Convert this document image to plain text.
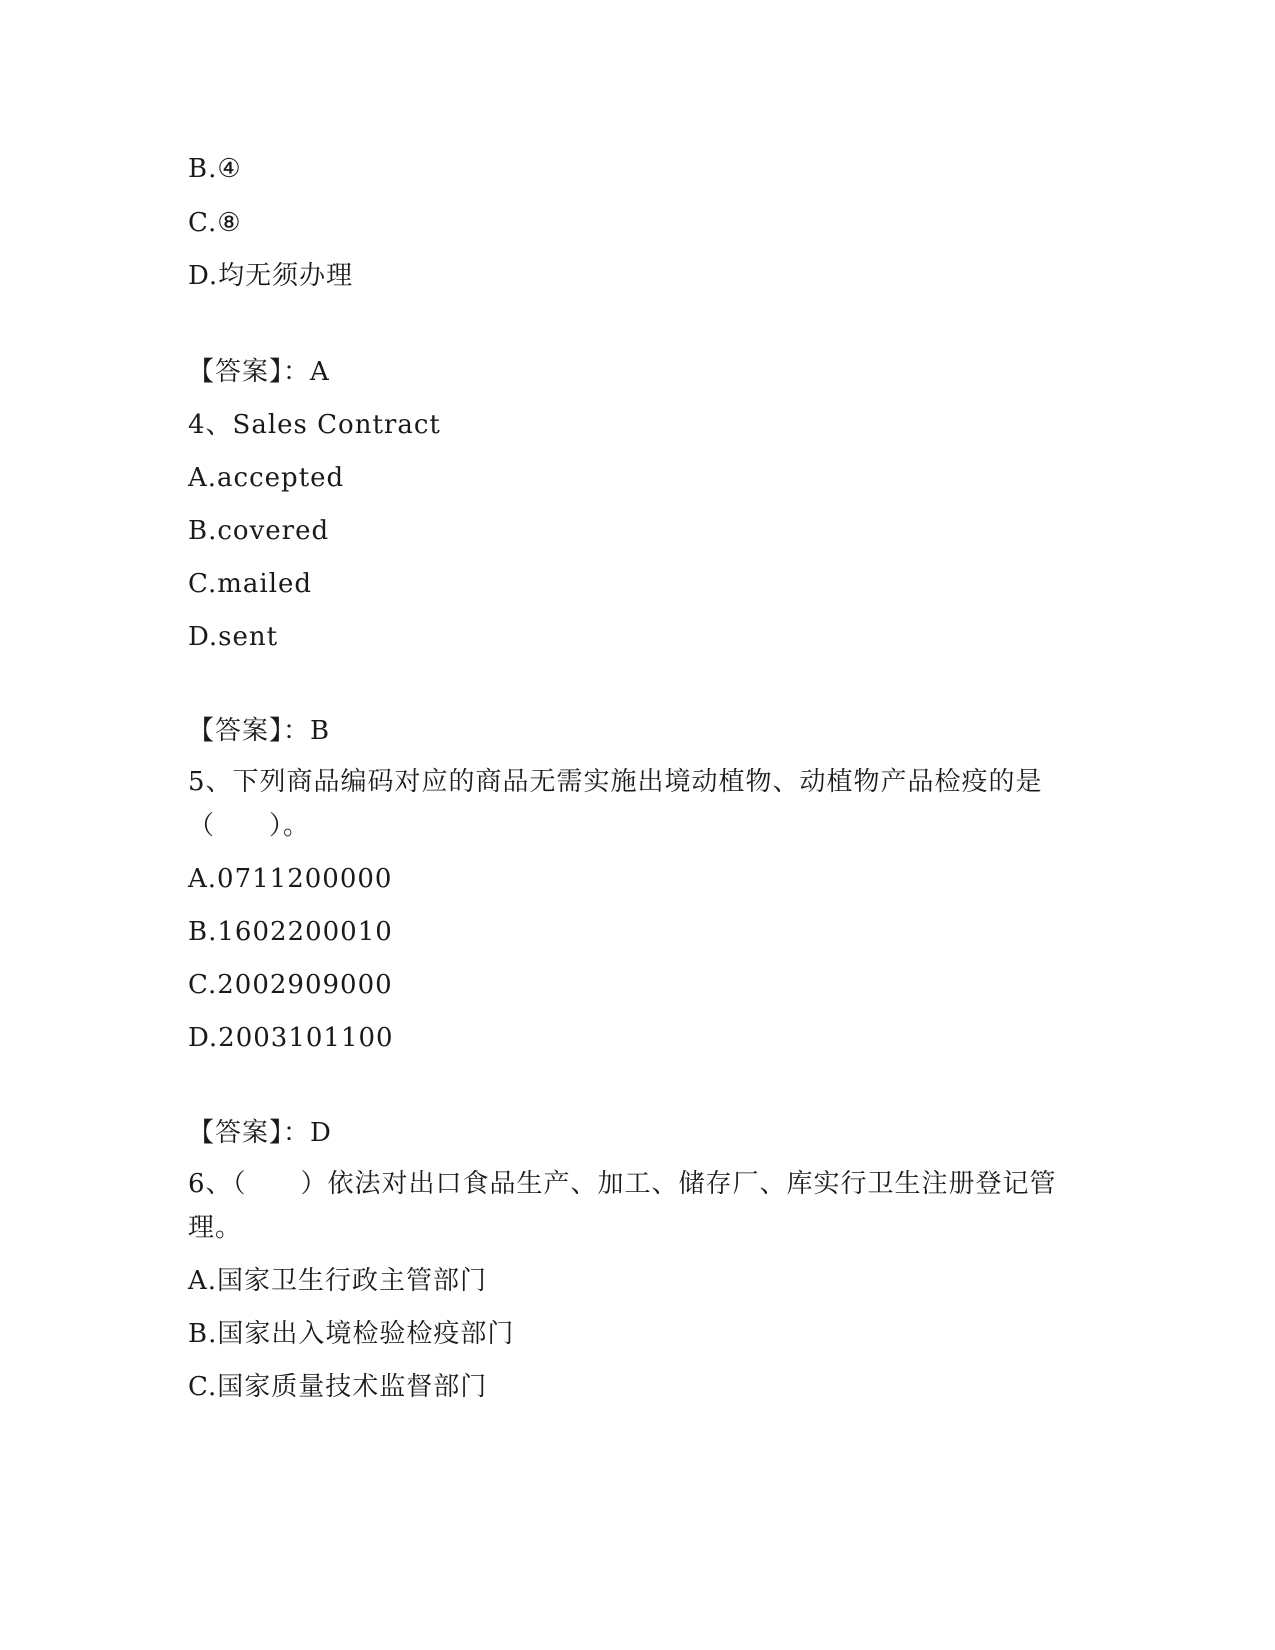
B.④
C.⑧
D.均无须办理
【答案】：A
4、Sales Contract
A.accepted
B.covered
C.mailed
D.sent
【答案】：B
5、下列商品编码对应的商品无需实施出境动植物、动植物产品检疫的是（　　）。
A.0711200000
B.1602200010
C.2002909000
D.2003101100
【答案】：D
6、（　　）依法对出口食品生产、加工、储存厂、库实行卫生注册登记管理。
A.国家卫生行政主管部门
B.国家出入境检验检疫部门
C.国家质量技术监督部门
